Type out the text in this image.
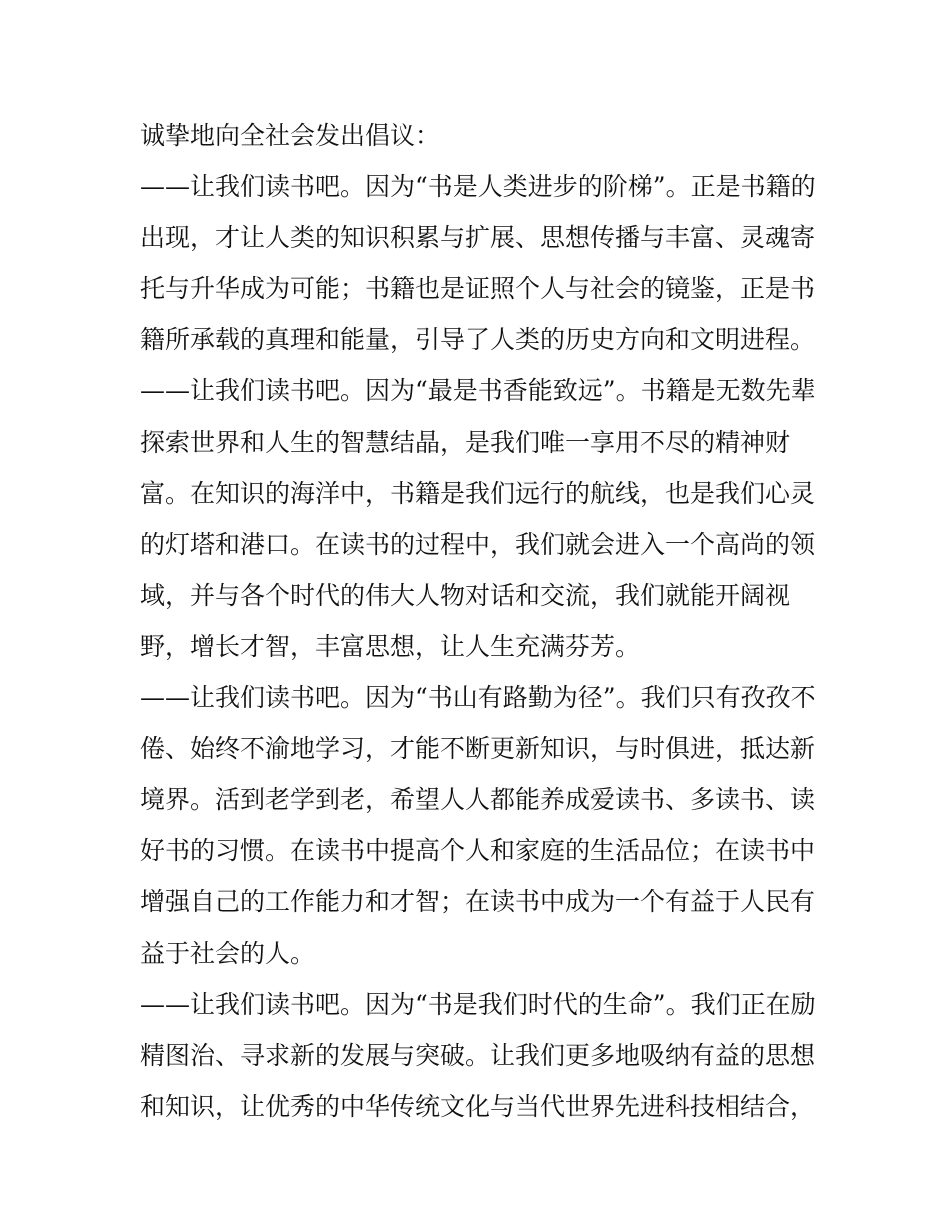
诚挚地向全社会发出倡议：
——让我们读书吧。因为“书是人类进步的阶梯”。正是书籍的
出现，才让人类的知识积累与扩展、思想传播与丰富、灵魂寄
托与升华成为可能；书籍也是证照个人与社会的镜鉴，正是书
籍所承载的真理和能量，引导了人类的历史方向和文明进程。
——让我们读书吧。因为“最是书香能致远”。书籍是无数先辈
探索世界和人生的智慧结晶，是我们唯一享用不尽的精神财
富。在知识的海洋中，书籍是我们远行的航线，也是我们心灵
的灯塔和港口。在读书的过程中，我们就会进入一个高尚的领
域，并与各个时代的伟大人物对话和交流，我们就能开阔视
野，增长才智，丰富思想，让人生充满芬芳。
——让我们读书吧。因为“书山有路勤为径”。我们只有孜孜不
倦、始终不渝地学习，才能不断更新知识，与时俱进，抵达新
境界。活到老学到老，希望人人都能养成爱读书、多读书、读
好书的习惯。在读书中提高个人和家庭的生活品位；在读书中
增强自己的工作能力和才智；在读书中成为一个有益于人民有
益于社会的人。
——让我们读书吧。因为“书是我们时代的生命”。我们正在励
精图治、寻求新的发展与突破。让我们更多地吸纳有益的思想
和知识，让优秀的中华传统文化与当代世界先进科技相结合，
